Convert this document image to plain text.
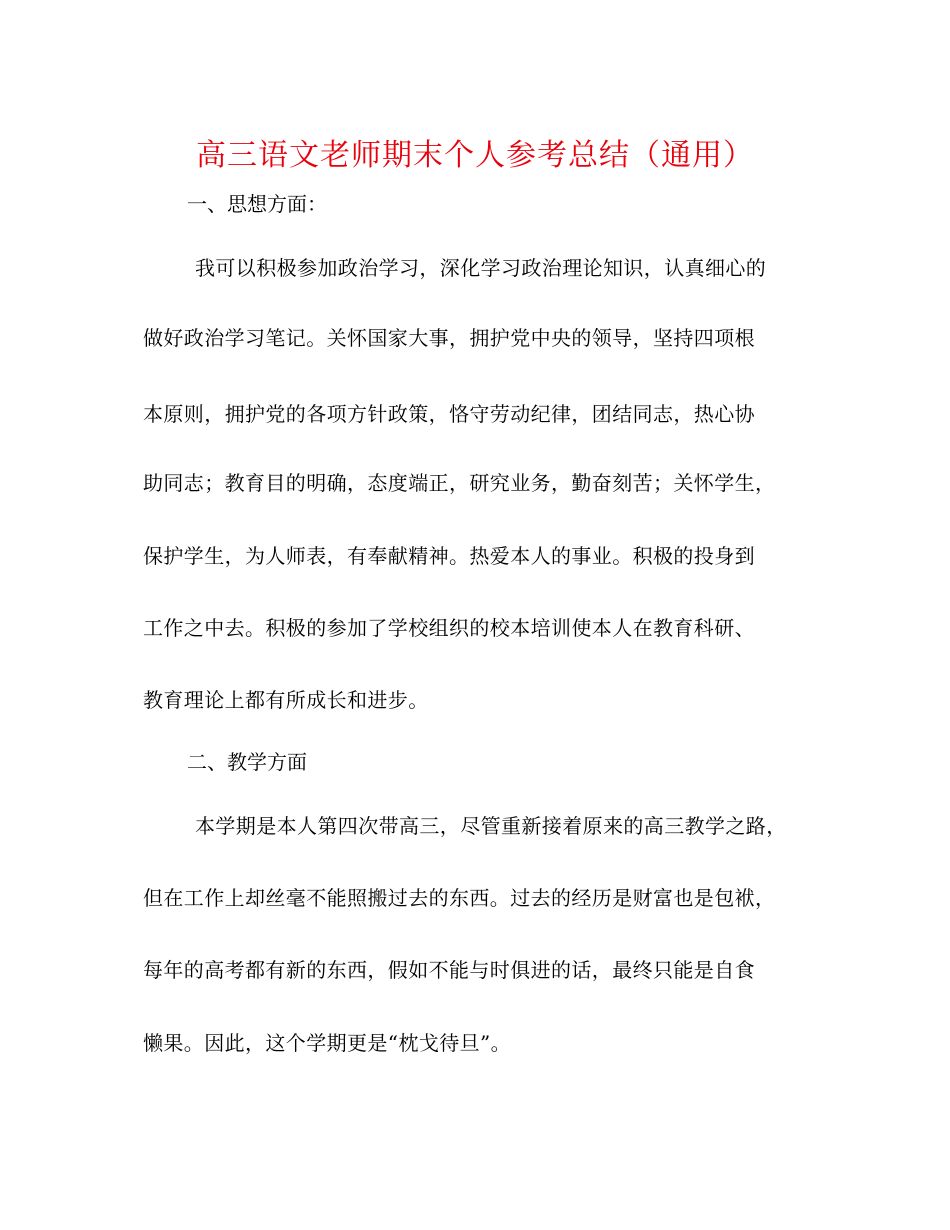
高三语文老师期末个人参考总结（通用）
一、思想方面：
我可以积极参加政治学习，深化学习政治理论知识，认真细心的
做好政治学习笔记。关怀国家大事，拥护党中央的领导，坚持四项根
本原则，拥护党的各项方针政策，恪守劳动纪律，团结同志，热心协
助同志；教育目的明确，态度端正，研究业务，勤奋刻苦；关怀学生，
保护学生，为人师表，有奉献精神。热爱本人的事业。积极的投身到
工作之中去。积极的参加了学校组织的校本培训使本人在教育科研、
教育理论上都有所成长和进步。
二、教学方面
本学期是本人第四次带高三，尽管重新接着原来的高三教学之路，
但在工作上却丝毫不能照搬过去的东西。过去的经历是财富也是包袱，
每年的高考都有新的东西，假如不能与时俱进的话，最终只能是自食
懒果。因此，这个学期更是“枕戈待旦”。
